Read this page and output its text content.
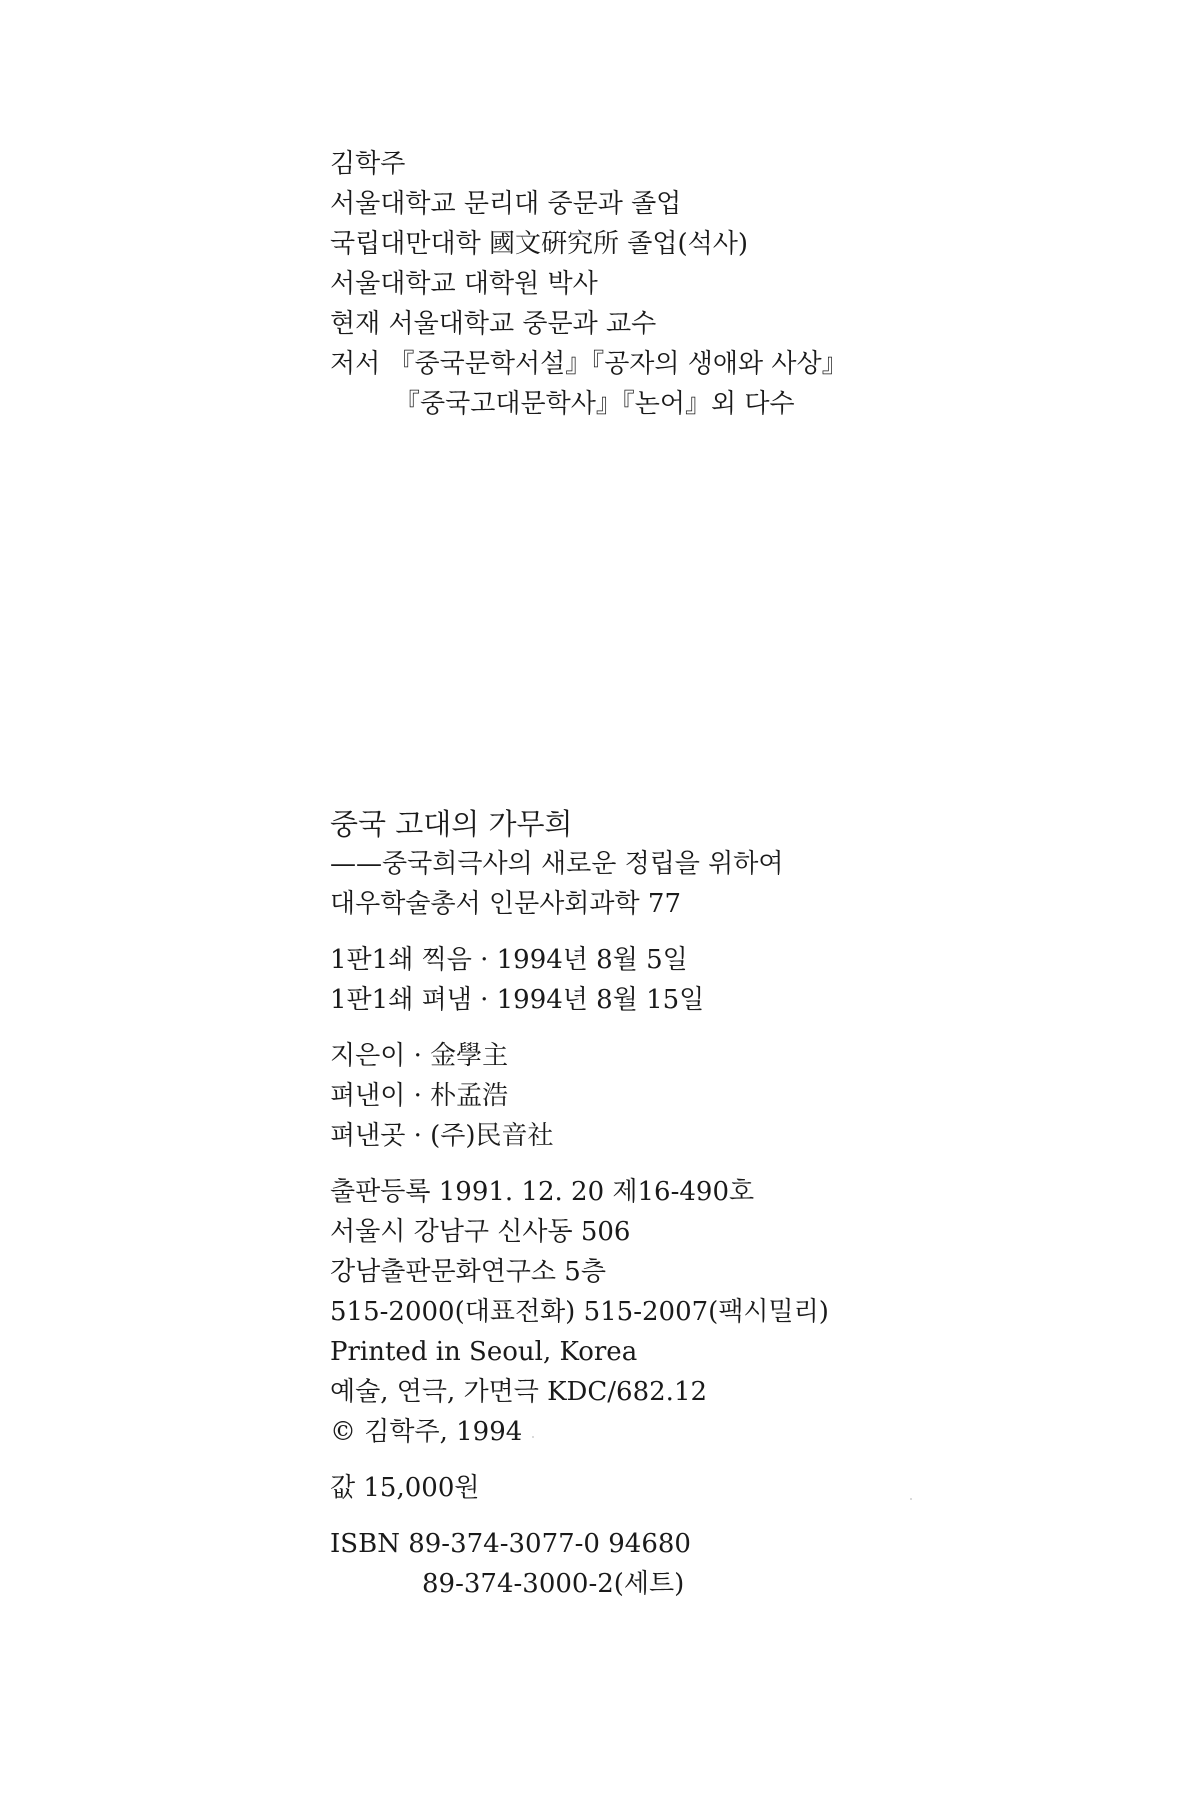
김학주
서울대학교 문리대 중문과 졸업
국립대만대학 國文硏究所 졸업(석사)
서울대학교 대학원 박사
현재 서울대학교 중문과 교수
저서 『중국문학서설』『공자의 생애와 사상』
『중국고대문학사』『논어』외 다수
중국 고대의 가무희
——중국희극사의 새로운 정립을 위하여
대우학술총서 인문사회과학 77
1판1쇄 찍음 · 1994년 8월 5일
1판1쇄 펴냄 · 1994년 8월 15일
지은이 · 金學主
펴낸이 · 朴孟浩
펴낸곳 · (주)民音社
출판등록 1991. 12. 20 제16-490호
서울시 강남구 신사동 506
강남출판문화연구소 5층
515-2000(대표전화) 515-2007(팩시밀리)
Printed in Seoul, Korea
예술, 연극, 가면극 KDC/682.12
© 김학주, 1994
값 15,000원
ISBN 89-374-3077-0 94680
89-374-3000-2(세트)
